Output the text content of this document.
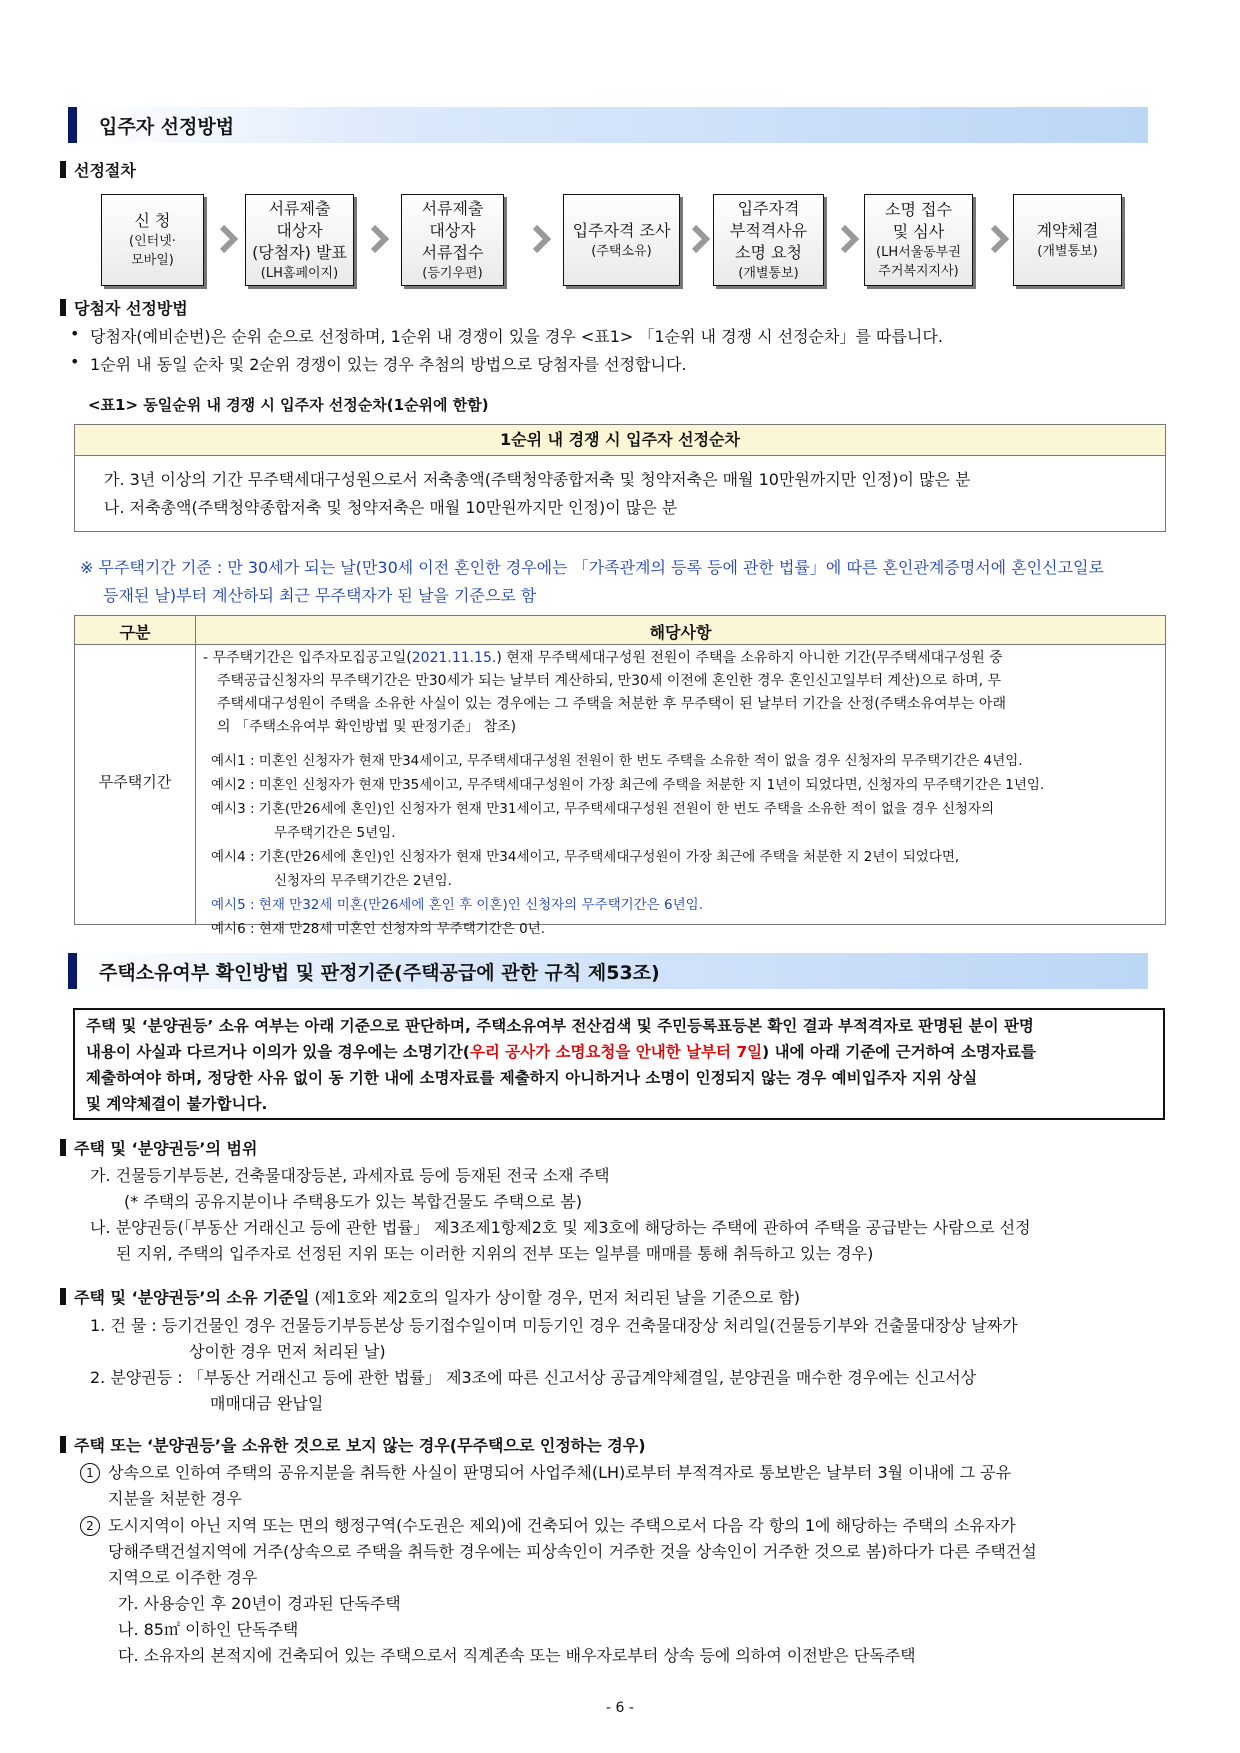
입주자 선정방법
선정절차
신 청
(인터넷·
모바일)
서류제출
대상자
(당첨자) 발표
(LH홈페이지)
서류제출
대상자
서류접수
(등기우편)
입주자격 조사
(주택소유)
입주자격
부적격사유
소명 요청
(개별통보)
소명 접수
및 심사
(LH서울동부권
주거복지지사)
계약체결
(개별통보)
당첨자 선정방법
• 당첨자(예비순번)은 순위 순으로 선정하며, 1순위 내 경쟁이 있을 경우 <표1> 「1순위 내 경쟁 시 선정순차」를 따릅니다.
• 1순위 내 동일 순차 및 2순위 경쟁이 있는 경우 추첨의 방법으로 당첨자를 선정합니다.
<표1> 동일순위 내 경쟁 시 입주자 선정순차(1순위에 한함)
1순위 내 경쟁 시 입주자 선정순차
가. 3년 이상의 기간 무주택세대구성원으로서 저축총액(주택청약종합저축 및 청약저축은 매월 10만원까지만 인정)이 많은 분
나. 저축총액(주택청약종합저축 및 청약저축은 매월 10만원까지만 인정)이 많은 분
※ 무주택기간 기준 : 만 30세가 되는 날(만30세 이전 혼인한 경우에는 「가족관계의 등록 등에 관한 법률」에 따른 혼인관계증명서에 혼인신고일로
등재된 날)부터 계산하되 최근 무주택자가 된 날을 기준으로 함
구분	해당사항
무주택기간
- 무주택기간은 입주자모집공고일(2021.11.15.) 현재 무주택세대구성원 전원이 주택을 소유하지 아니한 기간(무주택세대구성원 중
주택공급신청자의 무주택기간은 만30세가 되는 날부터 계산하되, 만30세 이전에 혼인한 경우 혼인신고일부터 계산)으로 하며, 무
주택세대구성원이 주택을 소유한 사실이 있는 경우에는 그 주택을 처분한 후 무주택이 된 날부터 기간을 산정(주택소유여부는 아래
의 「주택소유여부 확인방법 및 판정기준」 참조)
예시1 : 미혼인 신청자가 현재 만34세이고, 무주택세대구성원 전원이 한 번도 주택을 소유한 적이 없을 경우 신청자의 무주택기간은 4년임.
예시2 : 미혼인 신청자가 현재 만35세이고, 무주택세대구성원이 가장 최근에 주택을 처분한 지 1년이 되었다면, 신청자의 무주택기간은 1년임.
예시3 : 기혼(만26세에 혼인)인 신청자가 현재 만31세이고, 무주택세대구성원 전원이 한 번도 주택을 소유한 적이 없을 경우 신청자의
무주택기간은 5년임.
예시4 : 기혼(만26세에 혼인)인 신청자가 현재 만34세이고, 무주택세대구성원이 가장 최근에 주택을 처분한 지 2년이 되었다면,
신청자의 무주택기간은 2년임.
예시5 : 현재 만32세 미혼(만26세에 혼인 후 이혼)인 신청자의 무주택기간은 6년임.
예시6 : 현재 만28세 미혼인 신청자의 무주택기간은 0년.
주택소유여부 확인방법 및 판정기준(주택공급에 관한 규칙 제53조)
주택 및 ‘분양권등’ 소유 여부는 아래 기준으로 판단하며, 주택소유여부 전산검색 및 주민등록표등본 확인 결과 부적격자로 판명된 분이 판명
내용이 사실과 다르거나 이의가 있을 경우에는 소명기간(우리 공사가 소명요청을 안내한 날부터 7일) 내에 아래 기준에 근거하여 소명자료를
제출하여야 하며, 정당한 사유 없이 동 기한 내에 소명자료를 제출하지 아니하거나 소명이 인정되지 않는 경우 예비입주자 지위 상실
및 계약체결이 불가합니다.
주택 및 ‘분양권등’의 범위
가. 건물등기부등본, 건축물대장등본, 과세자료 등에 등재된 전국 소재 주택
(* 주택의 공유지분이나 주택용도가 있는 복합건물도 주택으로 봄)
나. 분양권등(「부동산 거래신고 등에 관한 법률」 제3조제1항제2호 및 제3호에 해당하는 주택에 관하여 주택을 공급받는 사람으로 선정
된 지위, 주택의 입주자로 선정된 지위 또는 이러한 지위의 전부 또는 일부를 매매를 통해 취득하고 있는 경우)
주택 및 ‘분양권등’의 소유 기준일 (제1호와 제2호의 일자가 상이할 경우, 먼저 처리된 날을 기준으로 함)
1. 건 물 : 등기건물인 경우 건물등기부등본상 등기접수일이며 미등기인 경우 건축물대장상 처리일(건물등기부와 건출물대장상 날짜가
상이한 경우 먼저 처리된 날)
2. 분양권등 : 「부동산 거래신고 등에 관한 법률」 제3조에 따른 신고서상 공급계약체결일, 분양권을 매수한 경우에는 신고서상
매매대금 완납일
주택 또는 ‘분양권등’을 소유한 것으로 보지 않는 경우(무주택으로 인정하는 경우)
1 상속으로 인하여 주택의 공유지분을 취득한 사실이 판명되어 사업주체(LH)로부터 부적격자로 통보받은 날부터 3월 이내에 그 공유
지분을 처분한 경우
2 도시지역이 아닌 지역 또는 면의 행정구역(수도권은 제외)에 건축되어 있는 주택으로서 다음 각 항의 1에 해당하는 주택의 소유자가
당해주택건설지역에 거주(상속으로 주택을 취득한 경우에는 피상속인이 거주한 것을 상속인이 거주한 것으로 봄)하다가 다른 주택건설
지역으로 이주한 경우
가. 사용승인 후 20년이 경과된 단독주택
나. 85㎡ 이하인 단독주택
다. 소유자의 본적지에 건축되어 있는 주택으로서 직계존속 또는 배우자로부터 상속 등에 의하여 이전받은 단독주택
- 6 -
